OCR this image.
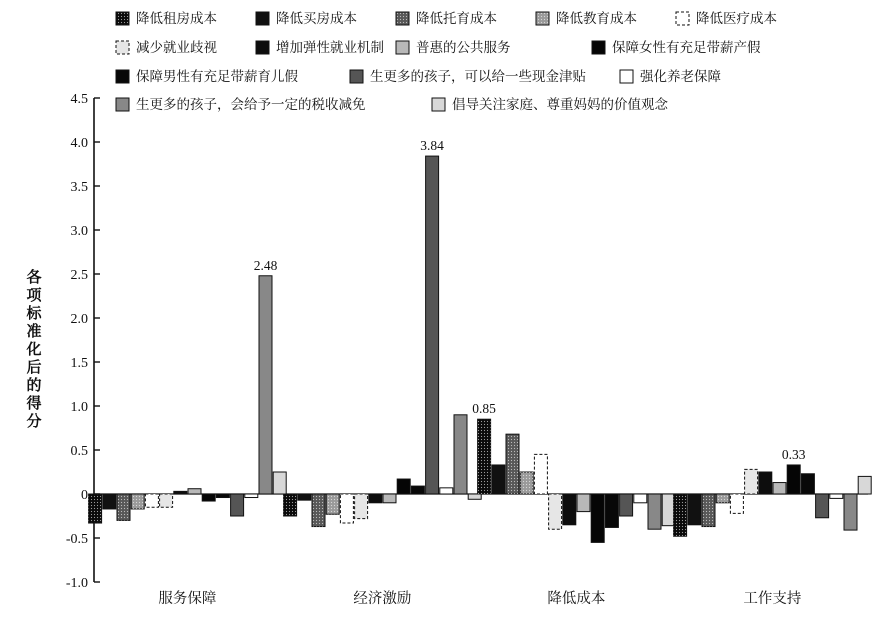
降低租房成本	降低买房成本	降低托育成本	降低教育成本	降低医疗成本
减少就业歧视	增加弹性就业机制 普惠的公共服务	保障女性有充足带薪产假
保障男性有充足带薪育儿假	生更多的孩子，可以给一些现金津贴	强化养老保障
生更多的孩子，会给予一定的税收减免	倡导关注家庭、尊重妈妈的价值观念
4.5
4.0
3.5
3.0
2.5
2.0
1.5
1.0
0.5
0
-0.5
-1.0
各项标准化后的得分
2.48
3.84
0.85
0.33
服务保障	经济激励	降低成本	工作支持
